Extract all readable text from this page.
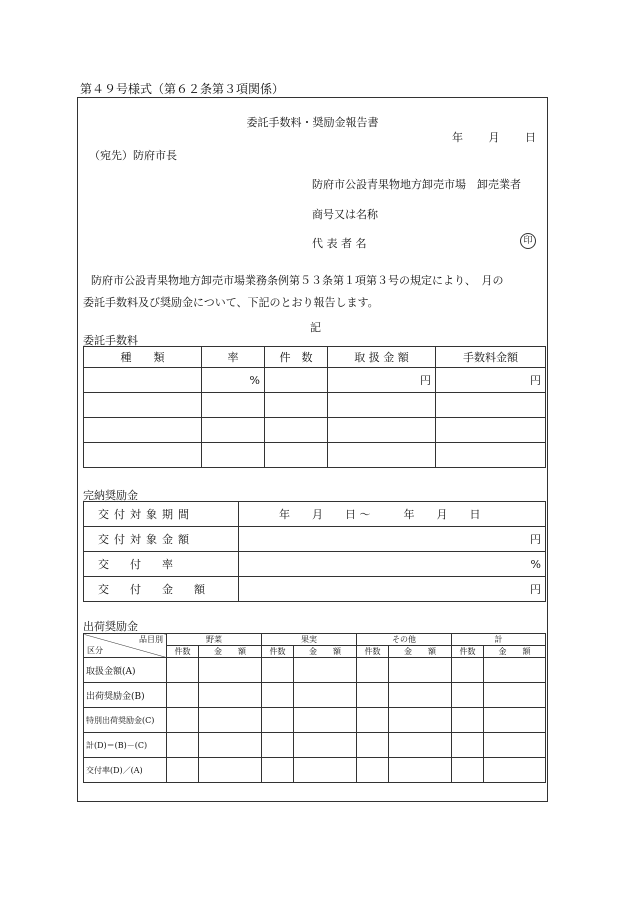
第４９号様式（第６２条第３項関係）
委託手数料・奨励金報告書
年 月 日
（宛先）防府市長
防府市公設青果物地方卸売市場　卸売業者
商号又は名称
代 表 者 名	印
防府市公設青果物地方卸売市場業務条例第５３条第１項第３号の規定により、　月の
委託手数料及び奨励金について、下記のとおり報告します。
記
委託手数料
種　　類	率	件　数	取 扱 金 額	手数料金額
	%		円	円

完納奨励金
交付対象期間	年　　月　　日 ～　　　年　　月　　日
交付対象金額	円
交　付　率	%
交　付　金　額	円
出荷奨励金
品目別
区分	野菜		果実		その他		計	
	件数	金　　額	件数	金　　額	件数	金　　額	件数	金　　額
取扱金額(A)								
出荷奨励金(B)								
特別出荷奨励金(C)								
計(D)＝(B)－(C)								
交付率(D)／(A)								
